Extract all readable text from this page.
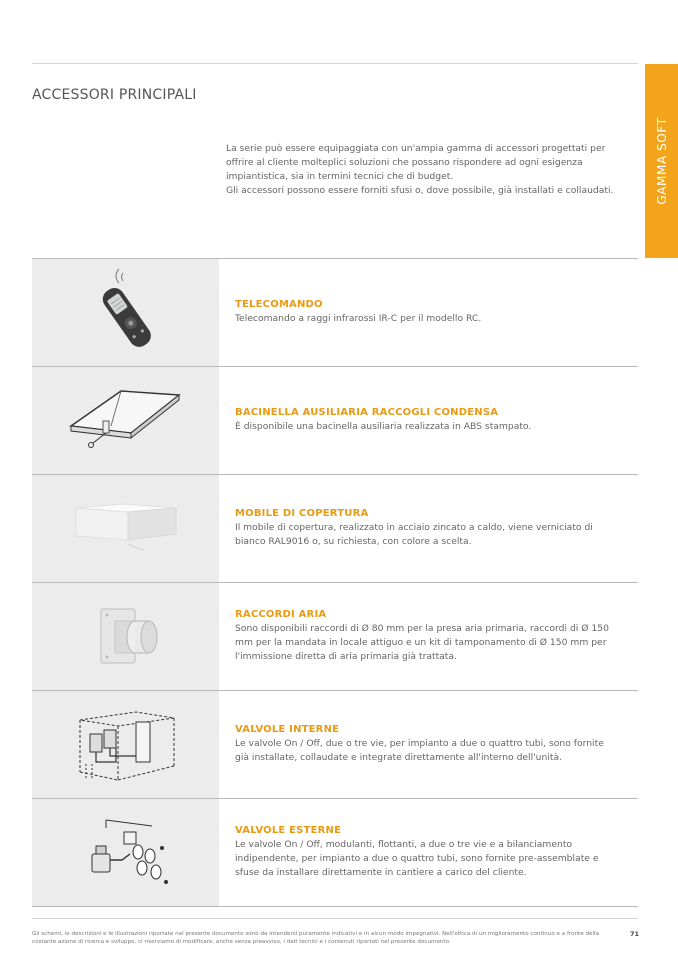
ACCESSORI PRINCIPALI
GAMMA SOFT

La serie può essere equipaggiata con un'ampia gamma di accessori progettati per offrire al cliente molteplici soluzioni che possano rispondere ad ogni esigenza impiantistica, sia in termini tecnici che di budget.

Gli accessori possono essere forniti sfusi o, dove possibile, già installati e collaudati.

TELECOMANDO
Telecomando a raggi infrarossi IR-C per il modello RC.
BACINELLA AUSILIARIA RACCOGLI CONDENSA
È disponibile una bacinella ausiliaria realizzata in ABS stampato.
MOBILE DI COPERTURA
Il mobile di copertura, realizzato in acciaio zincato a caldo, viene verniciato di bianco RAL9016 o, su richiesta, con colore a scelta.
RACCORDI ARIA
Sono disponibili raccordi di Ø 80 mm per la presa aria primaria, raccordi di Ø 150 mm per la mandata in locale attiguo e un kit di tamponamento di Ø 150 mm per l'immissione diretta di aria primaria già trattata.
VALVOLE INTERNE
Le valvole On / Off, due o tre vie, per impianto a due o quattro tubi, sono fornite già installate, collaudate e integrate direttamente all'interno dell'unità.
VALVOLE ESTERNE
Le valvole On / Off, modulanti, flottanti, a due o tre vie e a bilanciamento indipendente, per impianto a due o quattro tubi, sono fornite pre-assemblate e sfuse da installare direttamente in cantiere a carico del cliente.
Gli schemi, le descrizioni e le illustrazioni riportate nel presente documento sono da intendersi puramente indicativi e in alcun modo impegnativi. Nell'ottica di un miglioramento continuo e a fronte della costante azione di ricerca e sviluppo, ci riserviamo di modificare, anche senza preavviso, i dati tecnici e i contenuti riportati nel presente documento.
71
